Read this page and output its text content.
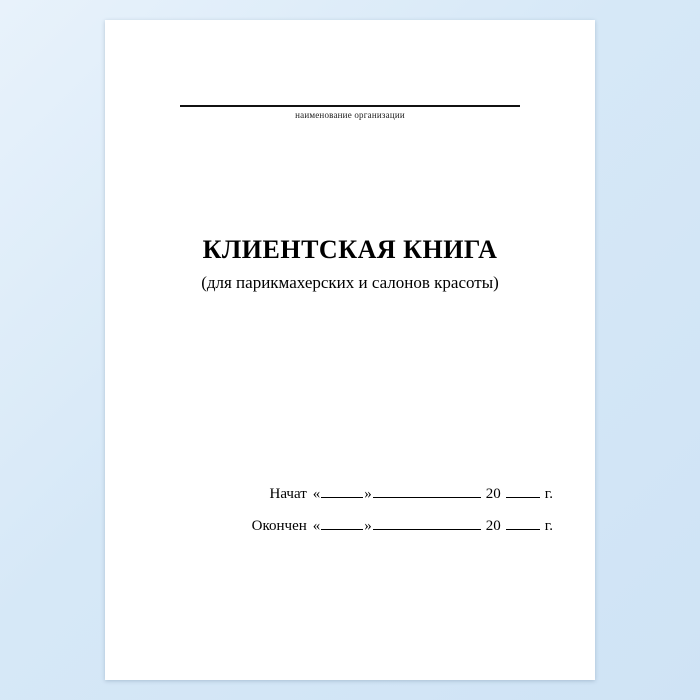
наименование организации
КЛИЕНТСКАЯ КНИГА
(для парикмахерских и салонов красоты)
Начат «	»	20	г.
Окончен «	»	20	г.
